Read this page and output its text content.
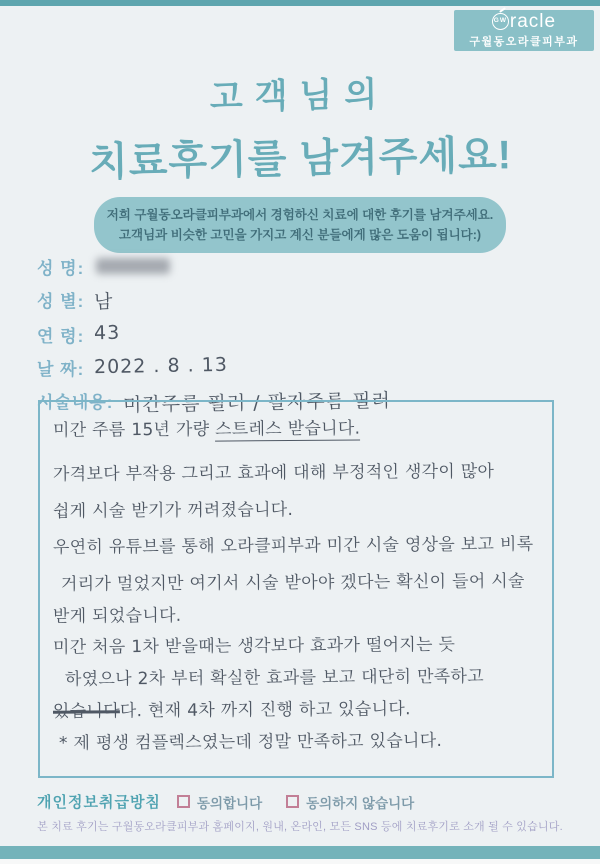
GW racle
구월동오라클피부과
고객님의
치료후기를 남겨주세요!
저희 구월동오라클피부과에서 경험하신 치료에 대한 후기를 남겨주세요.
고객님과 비슷한 고민을 가지고 계신 분들에게 많은 도움이 됩니다:)
성 명:
성 별: 남
연 령: 43
날 짜: 2022 . 8 . 13
시술내용: 미간주름 필러 / 팔자주름 필러
미간 주름 15년 가량 스트레스 받습니다.
가격보다 부작용 그리고 효과에 대해 부정적인 생각이 많아
쉽게 시술 받기가 꺼려졌습니다.
우연히 유튜브를 통해 오라클피부과 미간 시술 영상을 보고 비록
거리가 멀었지만 여기서 시술 받아야 겠다는 확신이 들어 시술
받게 되었습니다.
미간 처음 1차 받을때는 생각보다 효과가 떨어지는 듯
하였으나 2차 부터 확실한 효과를 보고 대단히 만족하고
있습니다다. 현재 4차 까지 진행 하고 있습니다.
* 제 평생 컴플렉스였는데 정말 만족하고 있습니다.
개인정보취급방침	동의합니다	동의하지 않습니다
본 치료 후기는 구월동오라클피부과 홈페이지, 원내, 온라인, 모든 SNS 등에 치료후기로 소개 될 수 있습니다.
